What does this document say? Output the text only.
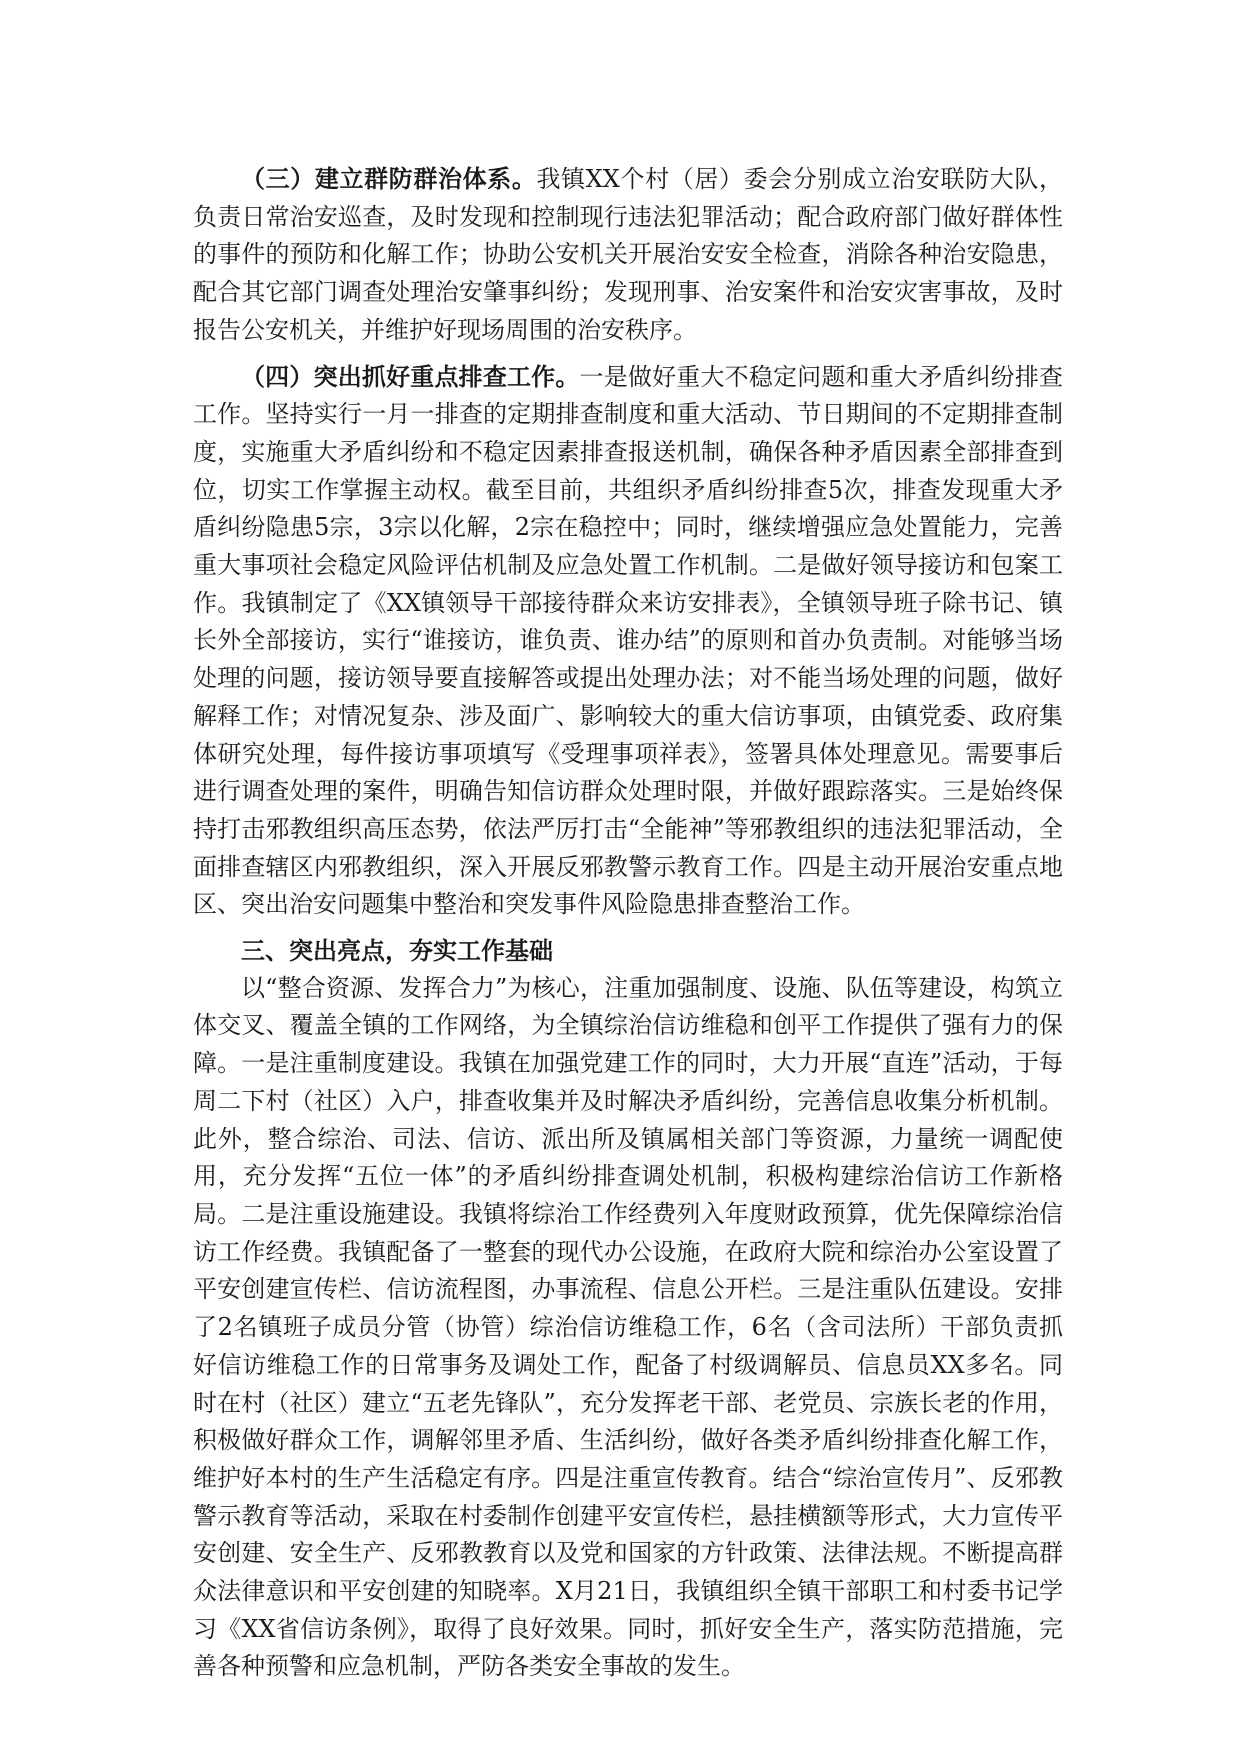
（三）建立群防群治体系。我镇XX个村（居）委会分别成立治安联防大队，负责日常治安巡查，及时发现和控制现行违法犯罪活动；配合政府部门做好群体性的事件的预防和化解工作；协助公安机关开展治安安全检查，消除各种治安隐患，配合其它部门调查处理治安肇事纠纷；发现刑事、治安案件和治安灾害事故，及时报告公安机关，并维护好现场周围的治安秩序。

（四）突出抓好重点排查工作。一是做好重大不稳定问题和重大矛盾纠纷排查工作。坚持实行一月一排查的定期排查制度和重大活动、节日期间的不定期排查制度，实施重大矛盾纠纷和不稳定因素排查报送机制，确保各种矛盾因素全部排查到位，切实工作掌握主动权。截至目前，共组织矛盾纠纷排查5次，排查发现重大矛盾纠纷隐患5宗，3宗以化解，2宗在稳控中；同时，继续增强应急处置能力，完善重大事项社会稳定风险评估机制及应急处置工作机制。二是做好领导接访和包案工作。我镇制定了《XX镇领导干部接待群众来访安排表》，全镇领导班子除书记、镇长外全部接访，实行“谁接访，谁负责、谁办结”的原则和首办负责制。对能够当场处理的问题，接访领导要直接解答或提出处理办法；对不能当场处理的问题，做好解释工作；对情况复杂、涉及面广、影响较大的重大信访事项，由镇党委、政府集体研究处理，每件接访事项填写《受理事项祥表》，签署具体处理意见。需要事后进行调查处理的案件，明确告知信访群众处理时限，并做好跟踪落实。三是始终保持打击邪教组织高压态势，依法严厉打击“全能神”等邪教组织的违法犯罪活动，全面排查辖区内邪教组织，深入开展反邪教警示教育工作。四是主动开展治安重点地区、突出治安问题集中整治和突发事件风险隐患排查整治工作。

三、突出亮点，夯实工作基础

以“整合资源、发挥合力”为核心，注重加强制度、设施、队伍等建设，构筑立体交叉、覆盖全镇的工作网络，为全镇综治信访维稳和创平工作提供了强有力的保障。一是注重制度建设。我镇在加强党建工作的同时，大力开展“直连”活动，于每周二下村（社区）入户，排查收集并及时解决矛盾纠纷，完善信息收集分析机制。此外，整合综治、司法、信访、派出所及镇属相关部门等资源，力量统一调配使用，充分发挥“五位一体”的矛盾纠纷排查调处机制，积极构建综治信访工作新格局。二是注重设施建设。我镇将综治工作经费列入年度财政预算，优先保障综治信访工作经费。我镇配备了一整套的现代办公设施，在政府大院和综治办公室设置了平安创建宣传栏、信访流程图，办事流程、信息公开栏。三是注重队伍建设。安排了2名镇班子成员分管（协管）综治信访维稳工作，6名（含司法所）干部负责抓好信访维稳工作的日常事务及调处工作，配备了村级调解员、信息员XX多名。同时在村（社区）建立“五老先锋队”，充分发挥老干部、老党员、宗族长老的作用，积极做好群众工作，调解邻里矛盾、生活纠纷，做好各类矛盾纠纷排查化解工作，维护好本村的生产生活稳定有序。四是注重宣传教育。结合“综治宣传月”、反邪教警示教育等活动，采取在村委制作创建平安宣传栏，悬挂横额等形式，大力宣传平安创建、安全生产、反邪教教育以及党和国家的方针政策、法律法规。不断提高群众法律意识和平安创建的知晓率。X月21日，我镇组织全镇干部职工和村委书记学习《XX省信访条例》，取得了良好效果。同时，抓好安全生产，落实防范措施，完善各种预警和应急机制，严防各类安全事故的发生。
